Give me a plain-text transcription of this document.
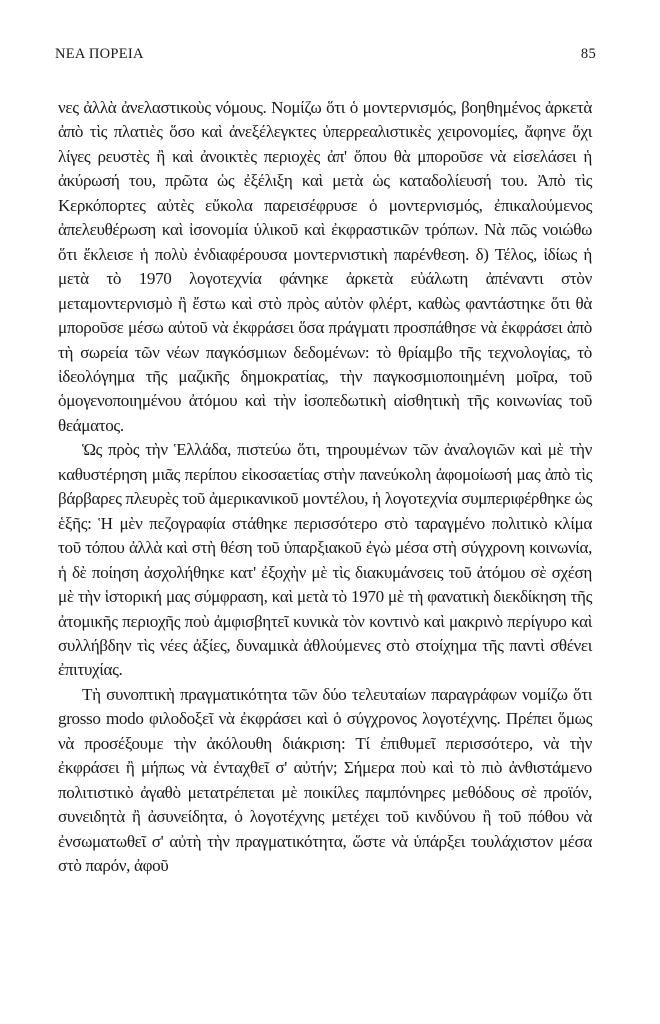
ΝΕΑ ΠΟΡΕΙΑ	85

νες ἀλλὰ ἀνελαστικοὺς νόμους. Νομίζω ὅτι ὁ μοντερνισμός, βοηθημένος ἀρκετὰ ἀπὸ τὶς πλατιὲς ὅσο καὶ ἀνεξέλεγκτες ὑπερρεαλιστικὲς χειρονομίες, ἄφηνε ὄχι λίγες ρευστὲς ἢ καὶ ἀνοικτὲς περιοχὲς ἀπ' ὅπου θὰ μποροῦσε νὰ εἰσελάσει ἡ ἀκύρωσή του, πρῶτα ὡς ἐξέλιξη καὶ μετὰ ὡς καταδολίευσή του. Ἀπὸ τὶς Κερκόπορτες αὐτὲς εὔκολα παρεισέφρυσε ὁ μοντερνισμός, ἐπικαλούμενος ἀπελευθέρωση καὶ ἰσονομία ὑλικοῦ καὶ ἐκφραστικῶν τρόπων. Νὰ πῶς νοιώθω ὅτι ἔκλεισε ἡ πολὺ ἐνδιαφέρουσα μοντερνιστικὴ παρένθεση. δ) Τέλος, ἰδίως ἡ μετὰ τὸ 1970 λογοτεχνία φάνηκε ἀρκετὰ εὐάλωτη ἀπέναντι στὸν μεταμοντερνισμὸ ἢ ἔστω καὶ στὸ πρὸς αὐτὸν φλέρτ, καθὼς φαντάστηκε ὅτι θὰ μποροῦσε μέσω αὐτοῦ νὰ ἐκφράσει ὅσα πράγματι προσπάθησε νὰ ἐκφράσει ἀπὸ τὴ σωρεία τῶν νέων παγκόσμιων δεδομένων: τὸ θρίαμβο τῆς τεχνολογίας, τὸ ἰδεολόγημα τῆς μαζικῆς δημοκρατίας, τὴν παγκοσμιοποιημένη μοῖρα, τοῦ ὁμογενοποιημένου ἀτόμου καὶ τὴν ἰσοπεδωτικὴ αἰσθητικὴ τῆς κοινωνίας τοῦ θεάματος.

Ὡς πρὸς τὴν Ἑλλάδα, πιστεύω ὅτι, τηρουμένων τῶν ἀναλογιῶν καὶ μὲ τὴν καθυστέρηση μιᾶς περίπου εἰκοσαετίας στὴν πανεύκολη ἀφομοίωσή μας ἀπὸ τὶς βάρβαρες πλευρὲς τοῦ ἀμερικανικοῦ μοντέλου, ἡ λογοτεχνία συμπεριφέρθηκε ὡς ἑξῆς: Ἡ μὲν πεζογραφία στάθηκε περισσότερο στὸ ταραγμένο πολιτικὸ κλίμα τοῦ τόπου ἀλλὰ καὶ στὴ θέση τοῦ ὑπαρξιακοῦ ἐγὼ μέσα στὴ σύγχρονη κοινωνία, ἡ δὲ ποίηση ἀσχολήθηκε κατ' ἐξοχὴν μὲ τὶς διακυμάνσεις τοῦ ἀτόμου σὲ σχέση μὲ τὴν ἱστορική μας σύμφραση, καὶ μετὰ τὸ 1970 μὲ τὴ φανατικὴ διεκδίκηση τῆς ἀτομικῆς περιοχῆς ποὺ ἀμφισβητεῖ κυνικὰ τὸν κοντινὸ καὶ μακρινὸ περίγυρο καὶ συλλήβδην τὶς νέες ἀξίες, δυναμικὰ ἀθλούμενες στὸ στοίχημα τῆς παντὶ σθένει ἐπιτυχίας.

Τὴ συνοπτικὴ πραγματικότητα τῶν δύο τελευταίων παραγράφων νομίζω ὅτι grosso modo φιλοδοξεῖ νὰ ἐκφράσει καὶ ὁ σύγχρονος λογοτέχνης. Πρέπει ὅμως νὰ προσέξουμε τὴν ἀκόλουθη διάκριση: Τί ἐπιθυμεῖ περισσότερο, νὰ τὴν ἐκφράσει ἢ μήπως νὰ ἐνταχθεῖ σ' αὐτήν; Σήμερα ποὺ καὶ τὸ πιὸ ἀνθιστάμενο πολιτιστικὸ ἀγαθὸ μετατρέπεται μὲ ποικίλες παμπόνηρες μεθόδους σὲ προϊόν, συνειδητὰ ἢ ἀσυνείδητα, ὁ λογοτέχνης μετέχει τοῦ κινδύνου ἢ τοῦ πόθου νὰ ἐνσωματωθεῖ σ' αὐτὴ τὴν πραγματικότητα, ὥστε νὰ ὑπάρξει τουλάχιστον μέσα στὸ παρόν, ἀφοῦ
